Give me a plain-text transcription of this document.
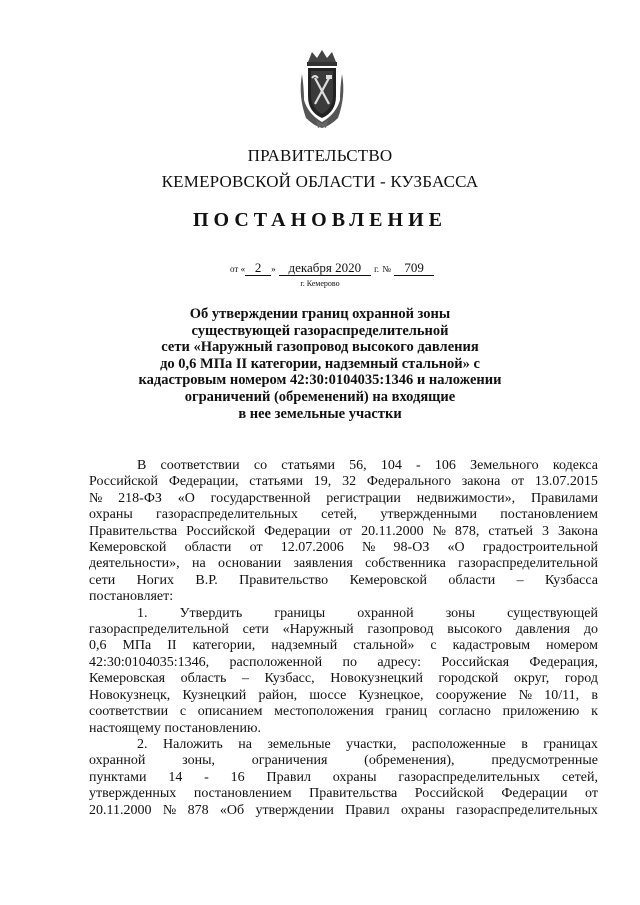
ПРАВИТЕЛЬСТВО
КЕМЕРОВСКОЙ ОБЛАСТИ - КУЗБАССА
ПОСТАНОВЛЕНИЕ
от « 2 » декабря 2020 г. № 709
г. Кемерово
Об утверждении границ охранной зоны
существующей газораспределительной
сети «Наружный газопровод высокого давления
до 0,6 МПа II категории, надземный стальной» с
кадастровым номером 42:30:0104035:1346 и наложении
ограничений (обременений) на входящие
в нее земельные участки
В соответствии со статьями 56, 104 - 106 Земельного кодекса
Российской Федерации, статьями 19, 32 Федерального закона от 13.07.2015
№ 218-ФЗ «О государственной регистрации недвижимости», Правилами
охраны газораспределительных сетей, утвержденными постановлением
Правительства Российской Федерации от 20.11.2000 № 878, статьей 3 Закона
Кемеровской области от 12.07.2006 № 98-ОЗ «О градостроительной
деятельности», на основании заявления собственника газораспределительной
сети Ногих В.Р. Правительство Кемеровской области – Кузбасса
постановляет:
1. Утвердить границы охранной зоны существующей
газораспределительной сети «Наружный газопровод высокого давления до
0,6 МПа II категории, надземный стальной» с кадастровым номером
42:30:0104035:1346, расположенной по адресу: Российская Федерация,
Кемеровская область – Кузбасс, Новокузнецкий городской округ, город
Новокузнецк, Кузнецкий район, шоссе Кузнецкое, сооружение № 10/11, в
соответствии с описанием местоположения границ согласно приложению к
настоящему постановлению.
2. Наложить на земельные участки, расположенные в границах
охранной	зоны,	ограничения	(обременения),	предусмотренные
пунктами 14 - 16 Правил охраны газораспределительных сетей,
утвержденных постановлением Правительства Российской Федерации от
20.11.2000 № 878 «Об утверждении Правил охраны газораспределительных
